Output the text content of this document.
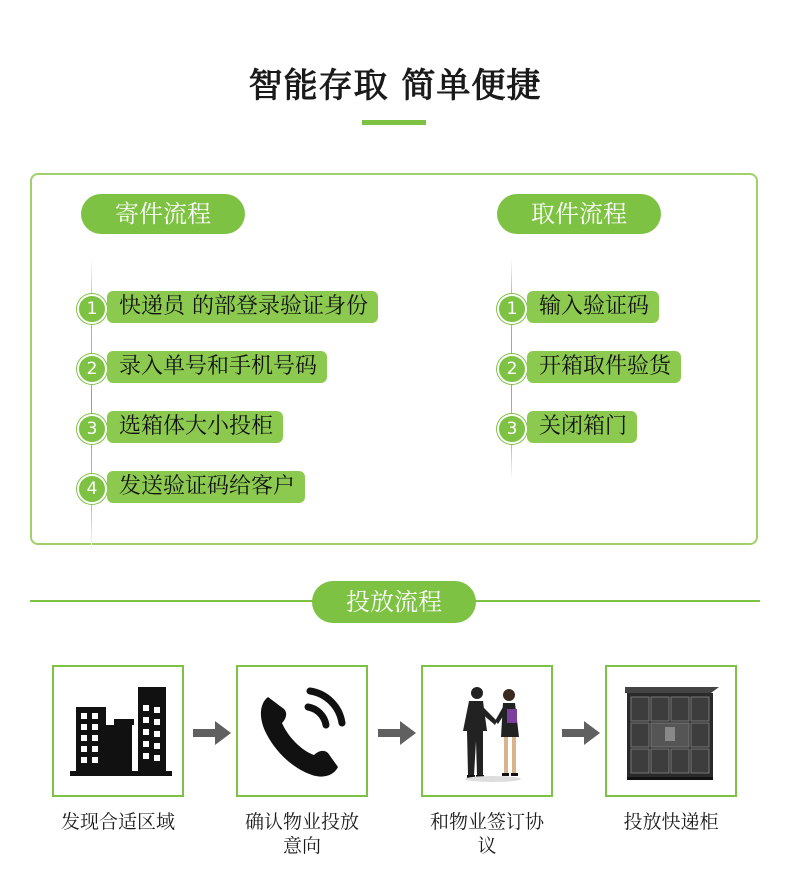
智能存取 简单便捷
寄件流程
1 快递员 的部登录验证身份
2 录入单号和手机号码
3 选箱体大小投柜
4 发送验证码给客户
取件流程
1 输入验证码
2 开箱取件验货
3 关闭箱门
投放流程
发现合适区域	确认物业投放
意向
和物业签订协
议
投放快递柜
